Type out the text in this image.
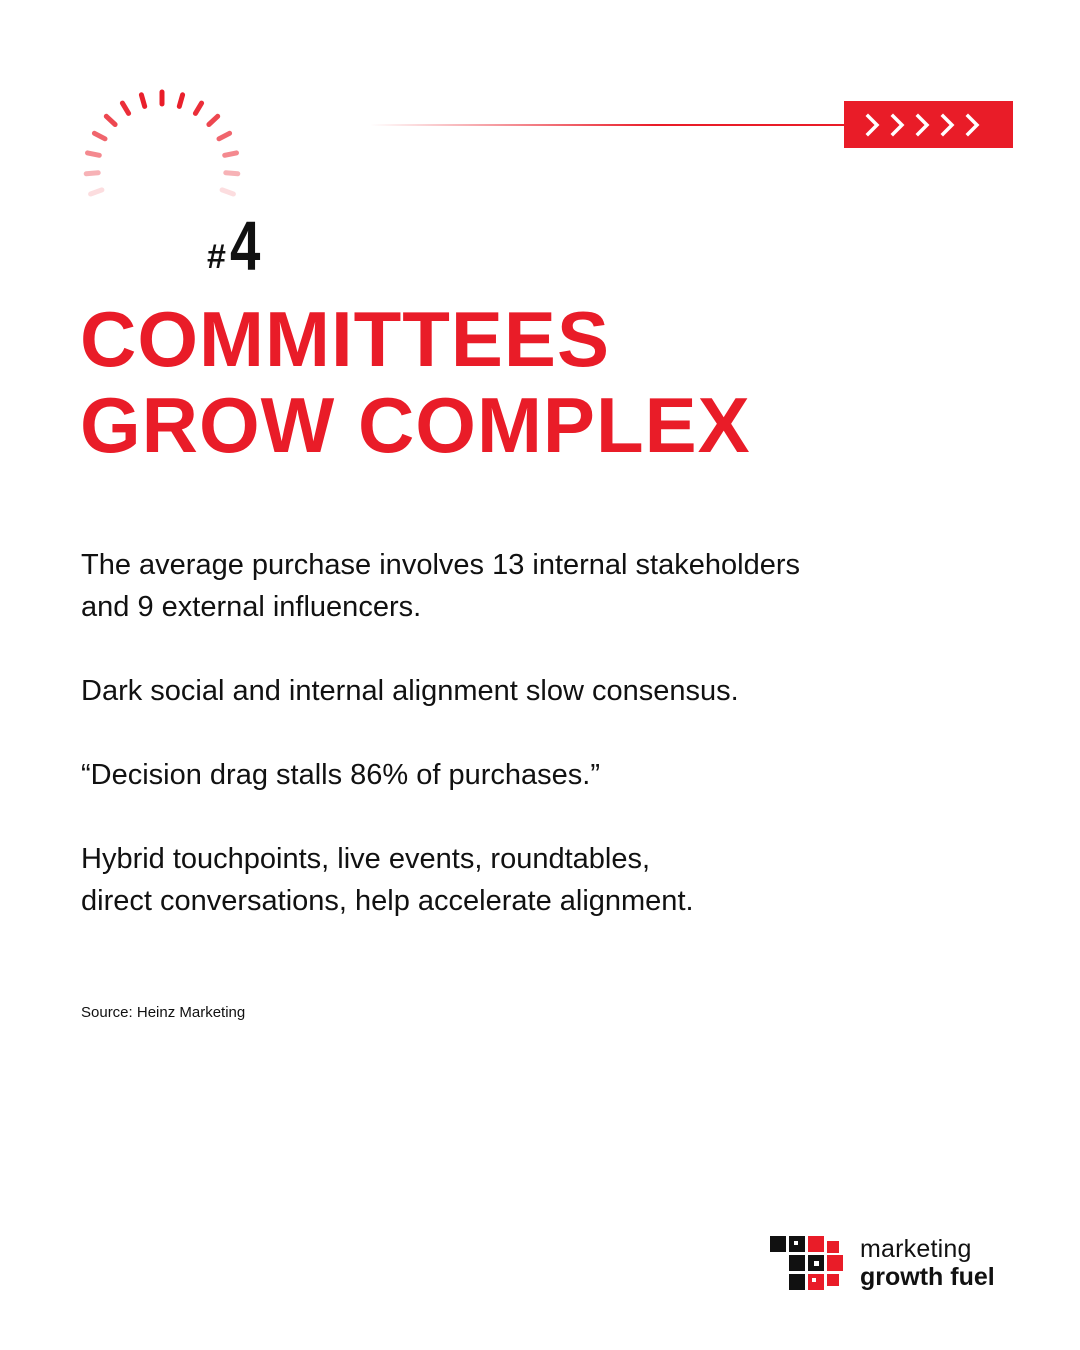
# 4
COMMITTEES
GROW COMPLEX

The average purchase involves 13 internal stakeholders
and 9 external influencers.

Dark social and internal alignment slow consensus.

“Decision drag stalls 86% of purchases.”

Hybrid touchpoints, live events, roundtables,
direct conversations, help accelerate alignment.

Source: Heinz Marketing
marketing
growth fuel
